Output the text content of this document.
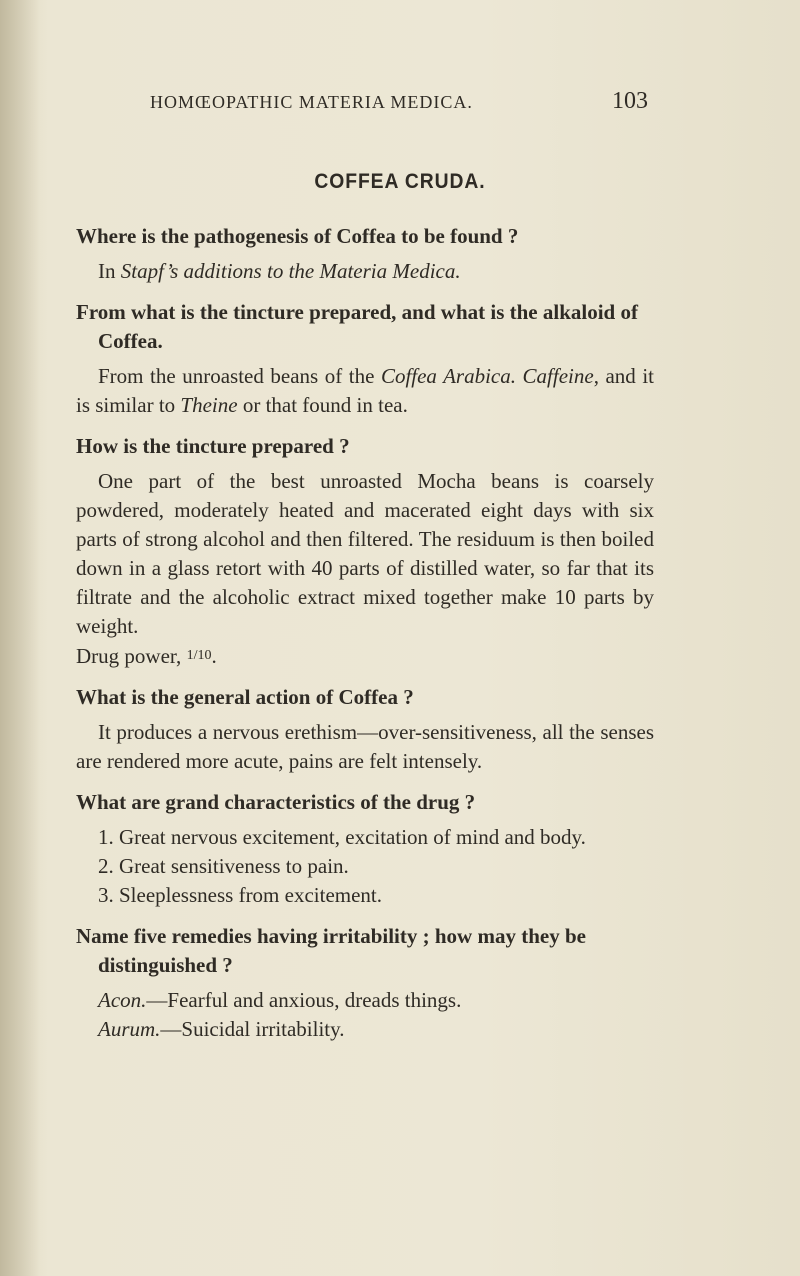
HOMŒOPATHIC MATERIA MEDICA.	103
COFFEA CRUDA.

Where is the pathogenesis of Coffea to be found ?

In Stapf’s additions to the Materia Medica.

From what is the tincture prepared, and what is the alkaloid of Coffea.

From the unroasted beans of the Coffea Arabica. Caffeine, and it is similar to Theine or that found in tea.

How is the tincture prepared ?

One part of the best unroasted Mocha beans is coarsely powdered, moderately heated and macerated eight days with six parts of strong alcohol and then filtered. The residuum is then boiled down in a glass retort with 40 parts of distilled water, so far that its filtrate and the alcoholic extract mixed together make 10 parts by weight.

Drug power, 1/10.

What is the general action of Coffea ?

It produces a nervous erethism—over-sensitiveness, all the senses are rendered more acute, pains are felt intensely.

What are grand characteristics of the drug ?

1. Great nervous excitement, excitation of mind and body.

2. Great sensitiveness to pain.

3. Sleeplessness from excitement.

Name five remedies having irritability ; how may they be distinguished ?

Acon.—Fearful and anxious, dreads things.

Aurum.—Suicidal irritability.
